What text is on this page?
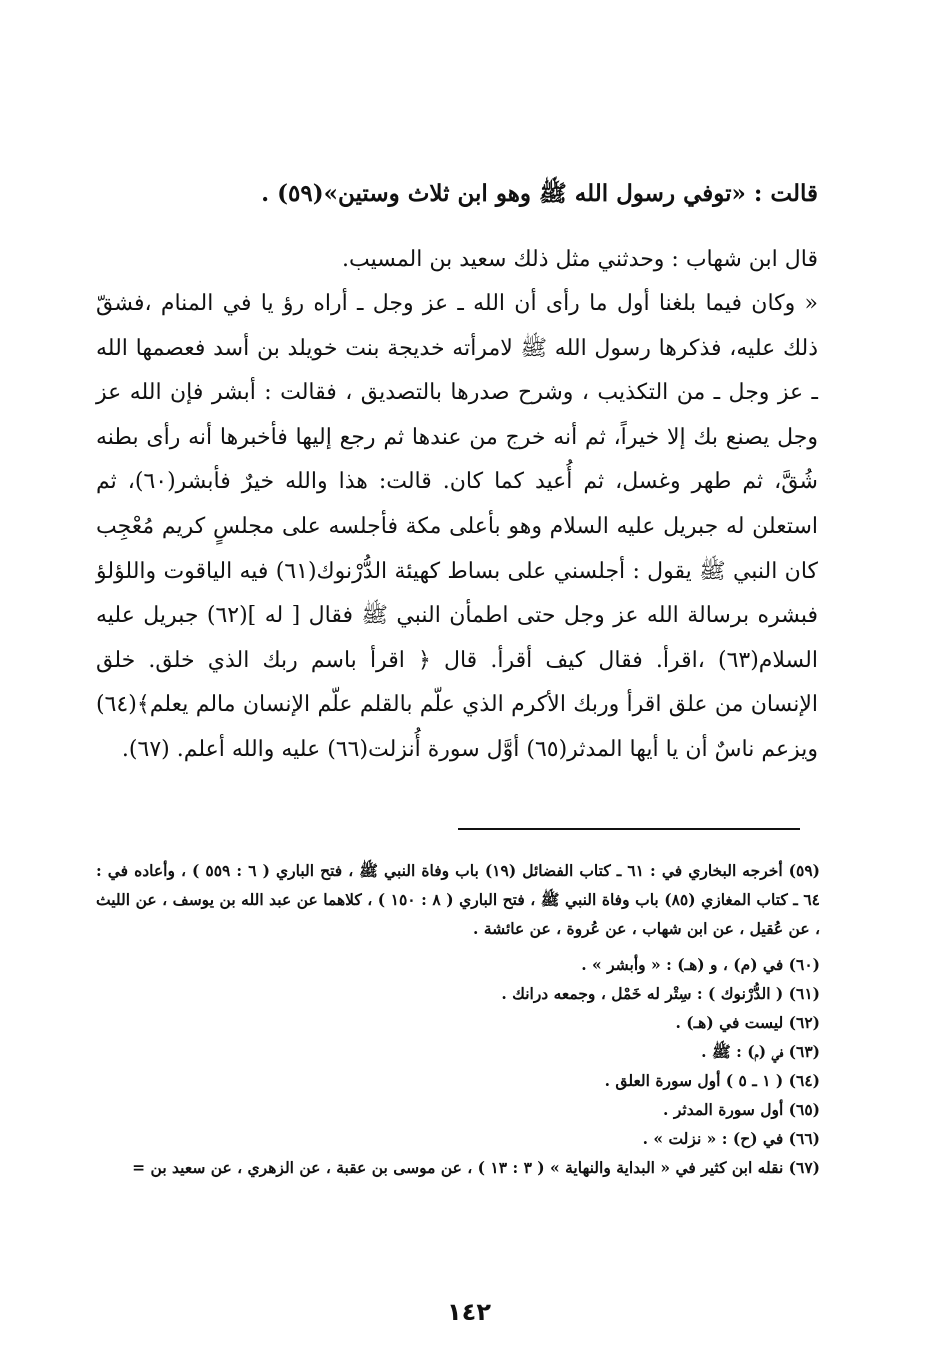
قالت : «توفي رسول الله ﷺ وهو ابن ثلاث وستين»(٥٩) .

قال ابن شهاب : وحدثني مثل ذلك سعيد بن المسيب.

« وكان فيما بلغنا أول ما رأى أن الله ـ عز وجل ـ أراه رؤ يا في المنام ،فشقّ ذلك عليه، فذكرها رسول الله ﷺ لامرأته خديجة بنت خويلد بن أسد فعصمها الله ـ عز وجل ـ من التكذيب ، وشرح صدرها بالتصديق ، فقالت : أبشر فإن الله عز وجل يصنع بك إلا خيراً، ثم أنه خرج من عندها ثم رجع إليها فأخبرها أنه رأى بطنه شُقَّ، ثم طهر وغسل، ثم أُعيد كما كان. قالت: هذا والله خيرٌ فأبشر(٦٠)، ثم استعلن له جبريل عليه السلام وهو بأعلى مكة فأجلسه على مجلسٍ كريم مُعْجِب كان النبي ﷺ يقول : أجلسني على بساط كهيئة الدُّرْنوك(٦١) فيه الياقوت واللؤلؤ فبشره برسالة الله عز وجل حتى اطمأن النبي ﷺ فقال [ له ](٦٢) جبريل عليه السلام(٦٣) ،اقرأ. فقال كيف أقرأ. قال ﴿ اقرأ باسم ربك الذي خلق. خلق الإنسان من علق اقرأ وربك الأكرم الذي علّم بالقلم علّم الإنسان مالم يعلم﴾(٦٤) ويزعم ناسٌ أن يا أيها المدثر(٦٥) أوَّل سورة أُنزلت(٦٦) عليه والله أعلم. (٦٧).

(٥٩) أخرجه البخاري في : ٦١ ـ كتاب الفضائل (١٩) باب وفاة النبي ﷺ ، فتح الباري ( ٦ : ٥٥٩ ) ، وأعاده في : ٦٤ ـ كتاب المغازي (٨٥) باب وفاة النبي ﷺ ، فتح الباري ( ٨ : ١٥٠ ) ، كلاهما عن عبد الله بن يوسف ، عن الليث ، عن عُقيل ، عن ابن شهاب ، عن عُروة ، عن عائشة .

(٦٠) في (م) ، و (هـ) : « وأبشر » .

(٦١) ( الدُّرْنوك ) : سِتْر له خَمْل ، وجمعه درانك .

(٦٢) ليست في (هـ) .

(٦٣) في (م) : ﷺ .

(٦٤) ( ١ ـ ٥ ) أول سورة العلق .

(٦٥) أول سورة المدثر .

(٦٦) في (ح) : « نزلت » .

(٦٧) نقله ابن كثير في « البداية والنهاية » ( ٣ : ١٣ ) ، عن موسى بن عقبة ، عن الزهري ، عن سعيد بن =

١٤٢
